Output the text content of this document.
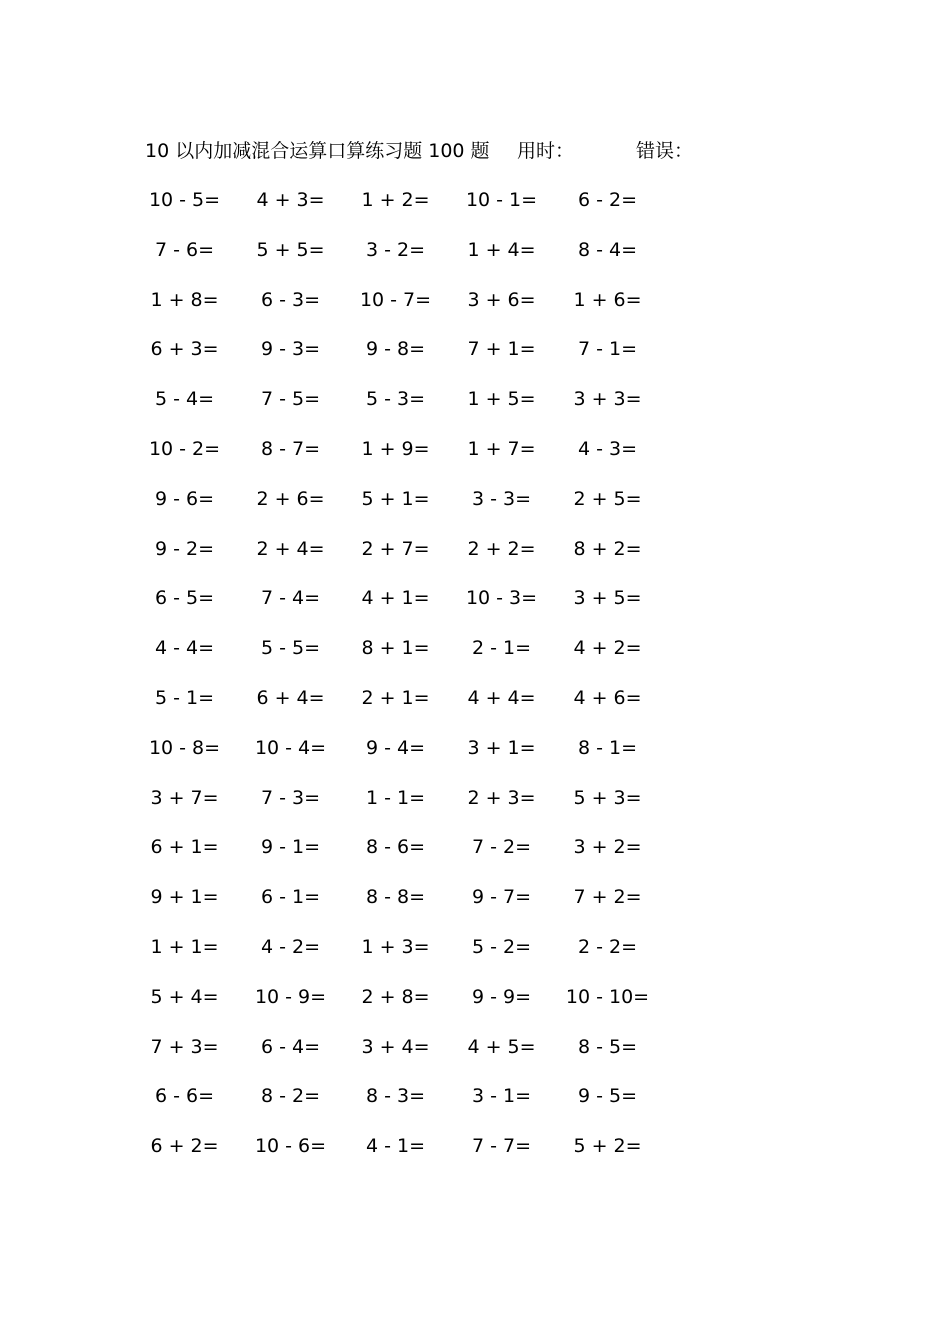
10 以内加减混合运算口算练习题 100 题 用时：	错误：
10 - 5=	4 + 3=	1 + 2=	10 - 1=	6 - 2=
7 - 6=	5 + 5=	3 - 2=	1 + 4=	8 - 4=
1 + 8=	6 - 3=	10 - 7=	3 + 6=	1 + 6=
6 + 3=	9 - 3=	9 - 8=	7 + 1=	7 - 1=
5 - 4=	7 - 5=	5 - 3=	1 + 5=	3 + 3=
10 - 2=	8 - 7=	1 + 9=	1 + 7=	4 - 3=
9 - 6=	2 + 6=	5 + 1=	3 - 3=	2 + 5=
9 - 2=	2 + 4=	2 + 7=	2 + 2=	8 + 2=
6 - 5=	7 - 4=	4 + 1=	10 - 3=	3 + 5=
4 - 4=	5 - 5=	8 + 1=	2 - 1=	4 + 2=
5 - 1=	6 + 4=	2 + 1=	4 + 4=	4 + 6=
10 - 8=	10 - 4=	9 - 4=	3 + 1=	8 - 1=
3 + 7=	7 - 3=	1 - 1=	2 + 3=	5 + 3=
6 + 1=	9 - 1=	8 - 6=	7 - 2=	3 + 2=
9 + 1=	6 - 1=	8 - 8=	9 - 7=	7 + 2=
1 + 1=	4 - 2=	1 + 3=	5 - 2=	2 - 2=
5 + 4=	10 - 9=	2 + 8=	9 - 9=	10 - 10=
7 + 3=	6 - 4=	3 + 4=	4 + 5=	8 - 5=
6 - 6=	8 - 2=	8 - 3=	3 - 1=	9 - 5=
6 + 2=	10 - 6=	4 - 1=	7 - 7=	5 + 2=
